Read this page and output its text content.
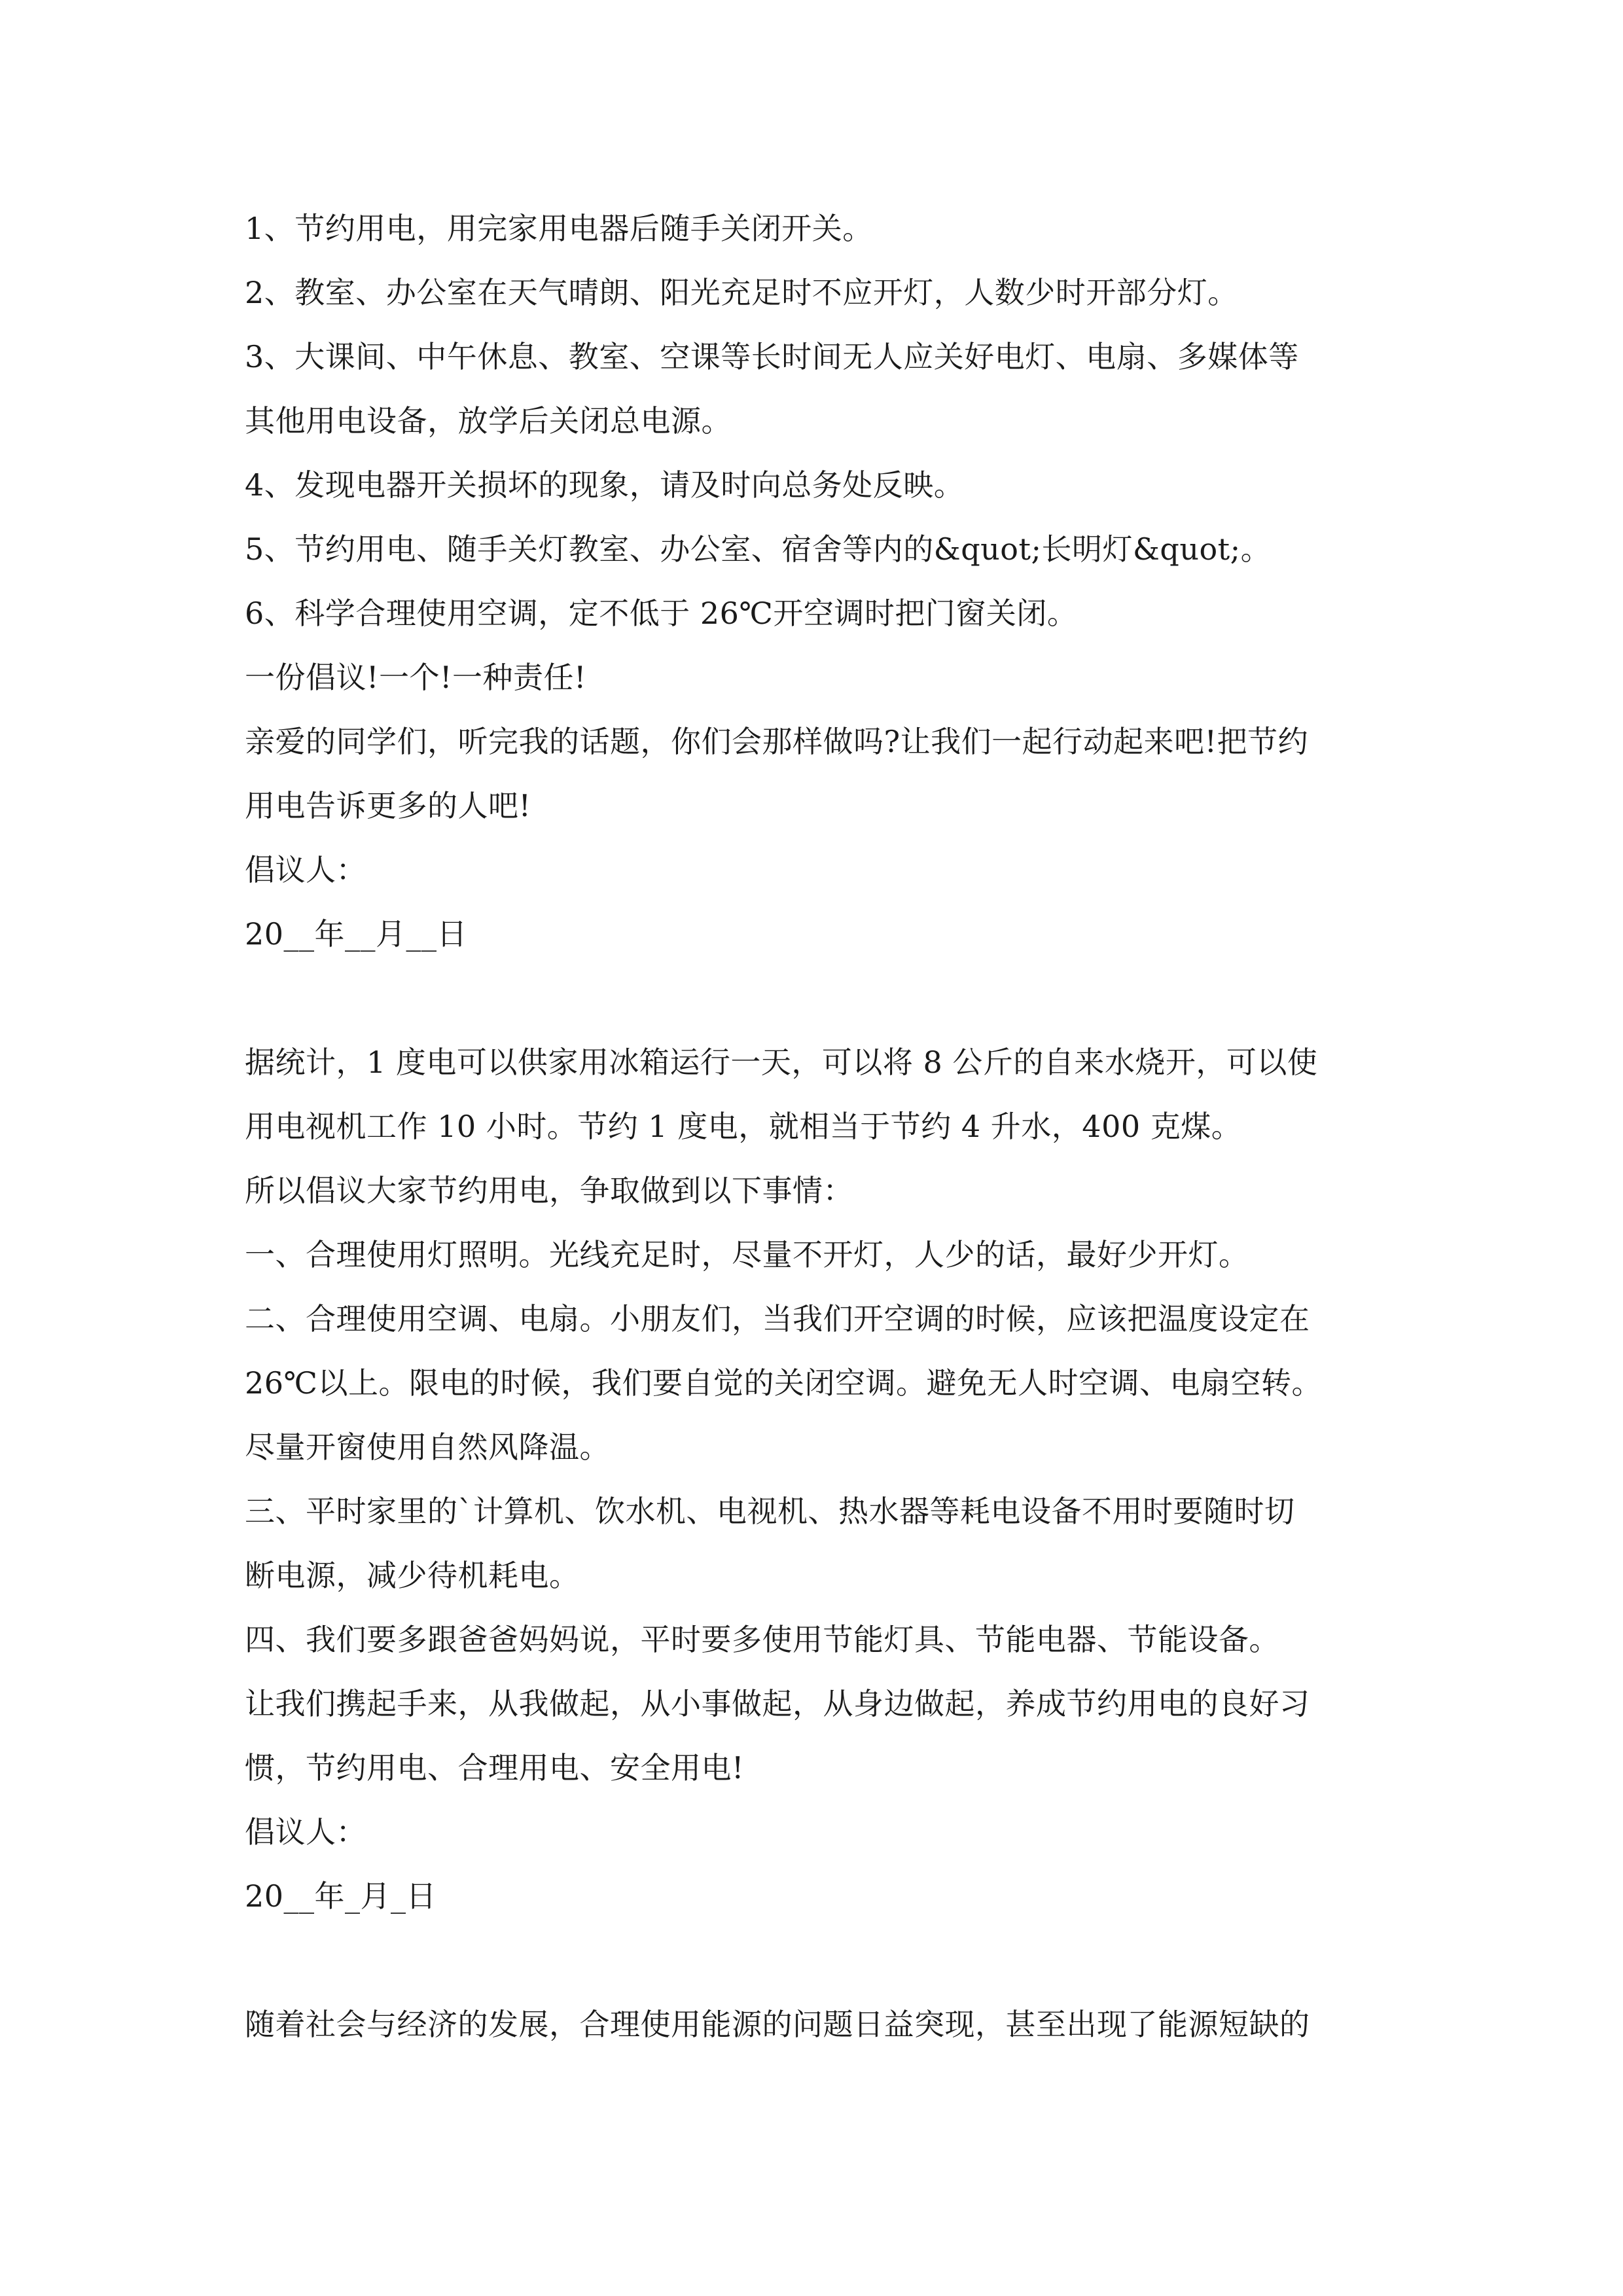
1、节约用电，用完家用电器后随手关闭开关。
2、教室、办公室在天气晴朗、阳光充足时不应开灯，人数少时开部分灯。
3、大课间、中午休息、教室、空课等长时间无人应关好电灯、电扇、多媒体等
其他用电设备，放学后关闭总电源。
4、发现电器开关损坏的现象，请及时向总务处反映。
5、节约用电、随手关灯教室、办公室、宿舍等内的&quot;长明灯&quot;。
6、科学合理使用空调，定不低于 26℃开空调时把门窗关闭。
一份倡议!一个!一种责任!
亲爱的同学们，听完我的话题，你们会那样做吗?让我们一起行动起来吧!把节约
用电告诉更多的人吧!
倡议人：
20__年__月__日
据统计，1 度电可以供家用冰箱运行一天，可以将 8 公斤的自来水烧开，可以使
用电视机工作 10 小时。节约 1 度电，就相当于节约 4 升水，400 克煤。
所以倡议大家节约用电，争取做到以下事情：
一、合理使用灯照明。光线充足时，尽量不开灯，人少的话，最好少开灯。
二、合理使用空调、电扇。小朋友们，当我们开空调的时候，应该把温度设定在
26℃以上。限电的时候，我们要自觉的关闭空调。避免无人时空调、电扇空转。
尽量开窗使用自然风降温。
三、平时家里的`计算机、饮水机、电视机、热水器等耗电设备不用时要随时切
断电源，减少待机耗电。
四、我们要多跟爸爸妈妈说，平时要多使用节能灯具、节能电器、节能设备。
让我们携起手来，从我做起，从小事做起，从身边做起，养成节约用电的良好习
惯，节约用电、合理用电、安全用电!
倡议人：
20__年_月_日
随着社会与经济的发展，合理使用能源的问题日益突现，甚至出现了能源短缺的
